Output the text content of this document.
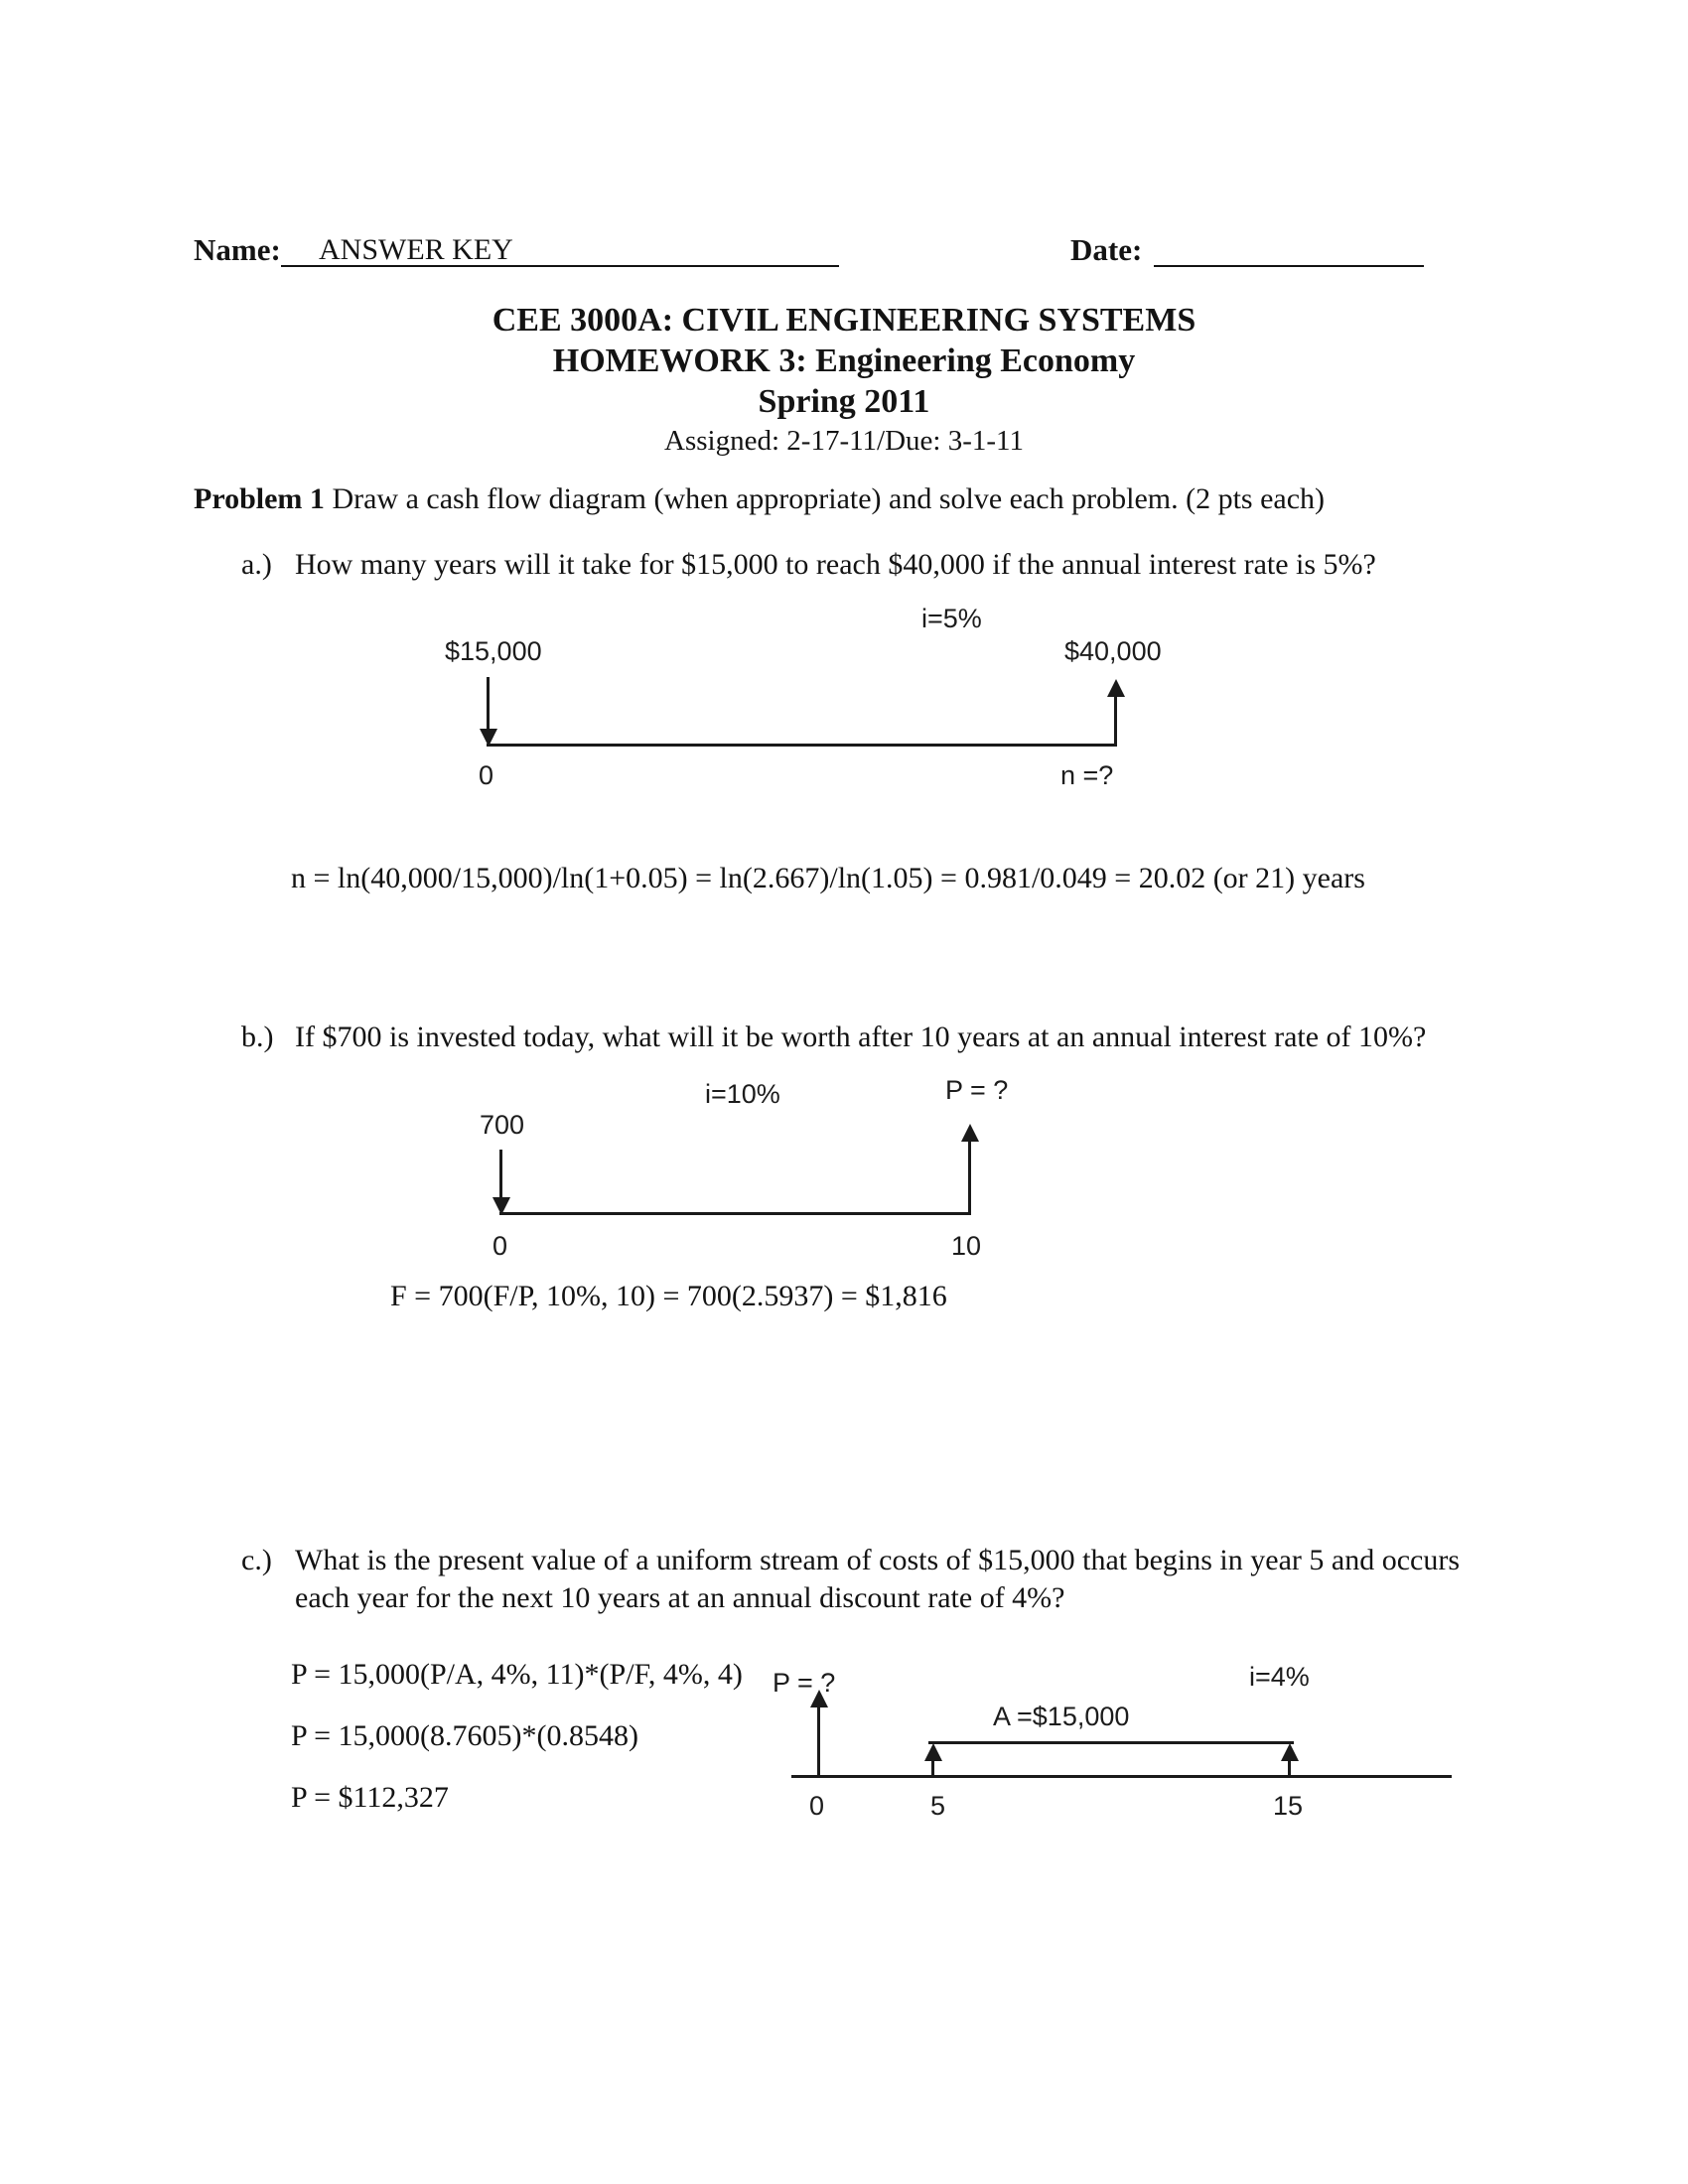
Name: ANSWER KEY	Date:
CEE 3000A: CIVIL ENGINEERING SYSTEMS
HOMEWORK 3: Engineering Economy
Spring 2011
Assigned: 2-17-11/Due: 3-1-11
Problem 1 Draw a cash flow diagram (when appropriate) and solve each problem. (2 pts each)
a.) How many years will it take for $15,000 to reach $40,000 if the annual interest rate is 5%?
i=5%
$15,000	$40,000
0	n =?
n = ln(40,000/15,000)/ln(1+0.05) = ln(2.667)/ln(1.05) = 0.981/0.049 = 20.02 (or 21) years
b.) If $700 is invested today, what will it be worth after 10 years at an annual interest rate of 10%?
i=10%	P = ?
700
0	10
F = 700(F/P, 10%, 10) = 700(2.5937) = $1,816
c.) What is the present value of a uniform stream of costs of $15,000 that begins in year 5 and occurs each year for the next 10 years at an annual discount rate of 4%?
P = 15,000(P/A, 4%, 11)*(P/F, 4%, 4)
P = 15,000(8.7605)*(0.8548)
P = $112,327
P = ?	i=4%
A =$15,000
0	5	15
